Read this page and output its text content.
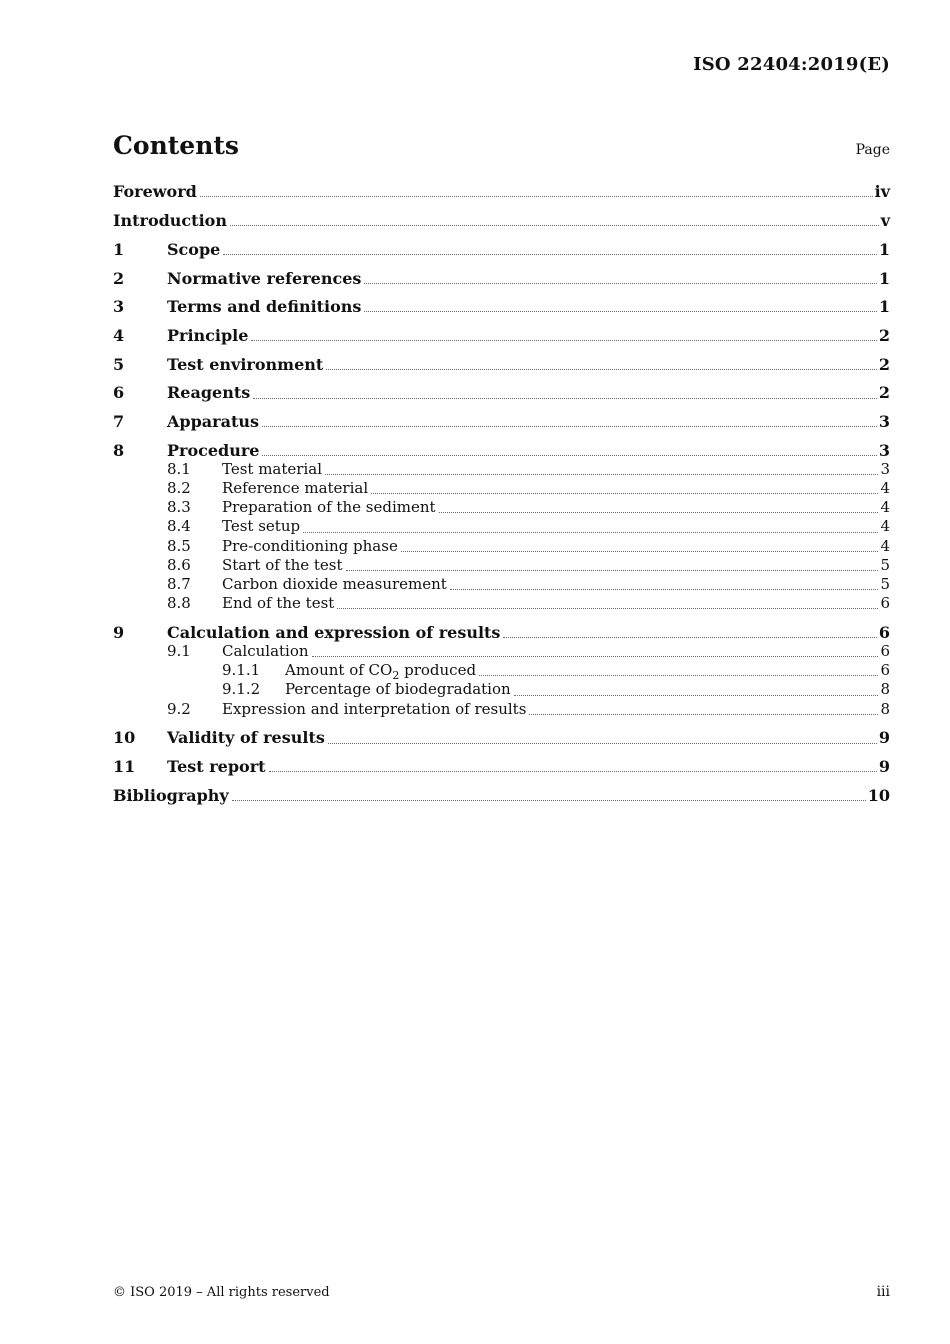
ISO 22404:2019(E)
Contents	Page
Foreword	iv
Introduction	v
1	Scope	1
2	Normative references	1
3	Terms and definitions	1
4	Principle	2
5	Test environment	2
6	Reagents	2
7	Apparatus	3
8	Procedure	3
8.1	Test material	3
8.2	Reference material	4
8.3	Preparation of the sediment	4
8.4	Test setup	4
8.5	Pre-conditioning phase	4
8.6	Start of the test	5
8.7	Carbon dioxide measurement	5
8.8	End of the test	6
9	Calculation and expression of results	6
9.1	Calculation	6
9.1.1	Amount of $CO_2$ produced	6
9.1.2	Percentage of biodegradation	8
9.2	Expression and interpretation of results	8
10	Validity of results	9
11	Test report	9
Bibliography	10
© ISO 2019 – All rights reserved	iii
